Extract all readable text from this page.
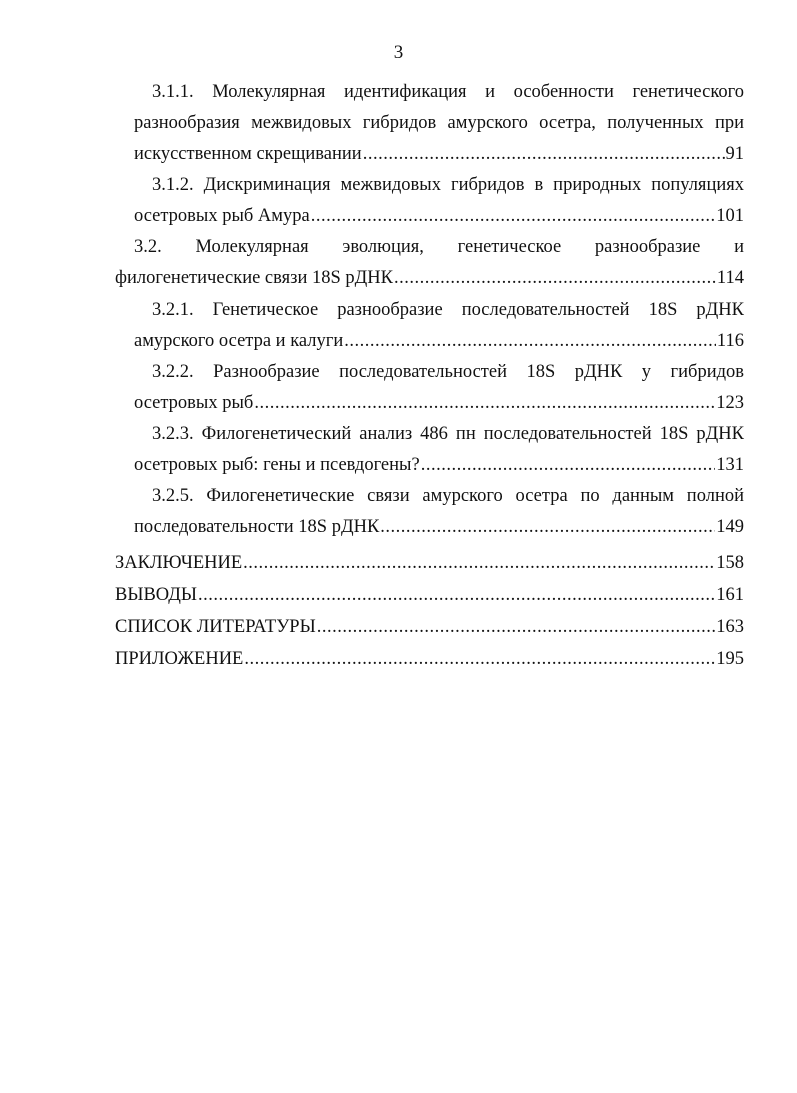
3
3.1.1. Молекулярная идентификация и особенности генетического
разнообразия межвидовых гибридов амурского осетра, полученных при
искусственном скрещивании .....	91
3.1.2. Дискриминация межвидовых гибридов в природных популяциях
осетровых рыб Амура .....	101
3.2. Молекулярная эволюция, генетическое разнообразие и
филогенетические связи 18S рДНК .....	114
3.2.1. Генетическое разнообразие последовательностей 18S рДНК
амурского осетра и калуги .....	116
3.2.2. Разнообразие последовательностей 18S рДНК у гибридов
осетровых рыб .....	123
3.2.3. Филогенетический анализ 486 пн последовательностей 18S рДНК
осетровых рыб: гены и псевдогены? .....	131
3.2.5. Филогенетические связи амурского осетра по данным полной
последовательности 18S рДНК .....	149
ЗАКЛЮЧЕНИЕ .....	158
ВЫВОДЫ .....	161
СПИСОК ЛИТЕРАТУРЫ .....	163
ПРИЛОЖЕНИЕ .....	195
